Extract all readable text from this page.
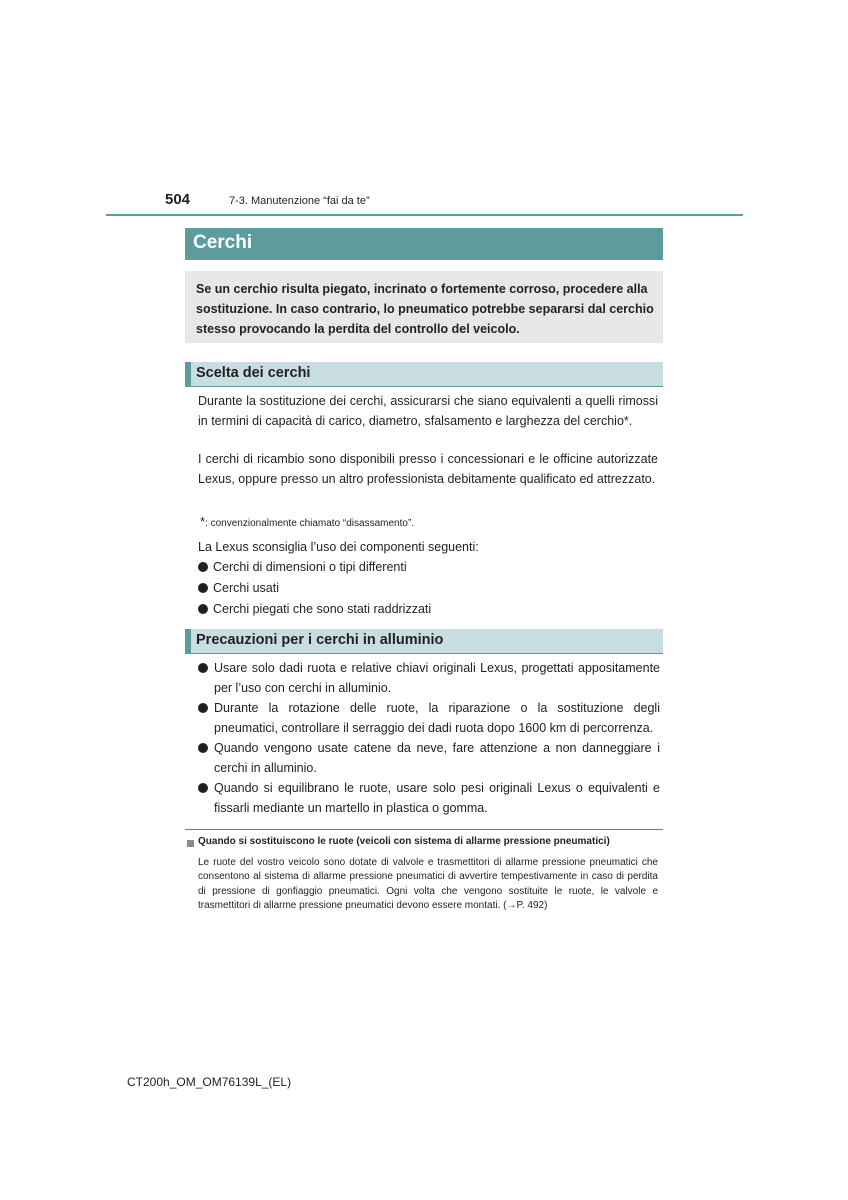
504	7-3. Manutenzione “fai da te”
Cerchi
Se un cerchio risulta piegato, incrinato o fortemente corroso, procedere alla sostituzione. In caso contrario, lo pneumatico potrebbe separarsi dal cerchio stesso provocando la perdita del controllo del veicolo.
Scelta dei cerchi
Durante la sostituzione dei cerchi, assicurarsi che siano equivalenti a quelli rimossi in termini di capacità di carico, diametro, sfalsamento e larghezza del cerchio*.
I cerchi di ricambio sono disponibili presso i concessionari e le officine autorizzate Lexus, oppure presso un altro professionista debitamente qualificato ed attrezzato.
*: convenzionalmente chiamato “disassamento”.
La Lexus sconsiglia l’uso dei componenti seguenti:
Cerchi di dimensioni o tipi differenti
Cerchi usati
Cerchi piegati che sono stati raddrizzati
Precauzioni per i cerchi in alluminio
Usare solo dadi ruota e relative chiavi originali Lexus, progettati appositamente per l’uso con cerchi in alluminio.
Durante la rotazione delle ruote, la riparazione o la sostituzione degli pneumatici, controllare il serraggio dei dadi ruota dopo 1600 km di percorrenza.
Quando vengono usate catene da neve, fare attenzione a non danneggiare i cerchi in alluminio.
Quando si equilibrano le ruote, usare solo pesi originali Lexus o equivalenti e fissarli mediante un martello in plastica o gomma.
Quando si sostituiscono le ruote (veicoli con sistema di allarme pressione pneumatici)
Le ruote del vostro veicolo sono dotate di valvole e trasmettitori di allarme pressione pneumatici che consentono al sistema di allarme pressione pneumatici di avvertire tempestivamente in caso di perdita di pressione di gonfiaggio pneumatici. Ogni volta che vengono sostituite le ruote, le valvole e trasmettitori di allarme pressione pneumatici devono essere montati. (→P. 492)
CT200h_OM_OM76139L_(EL)
